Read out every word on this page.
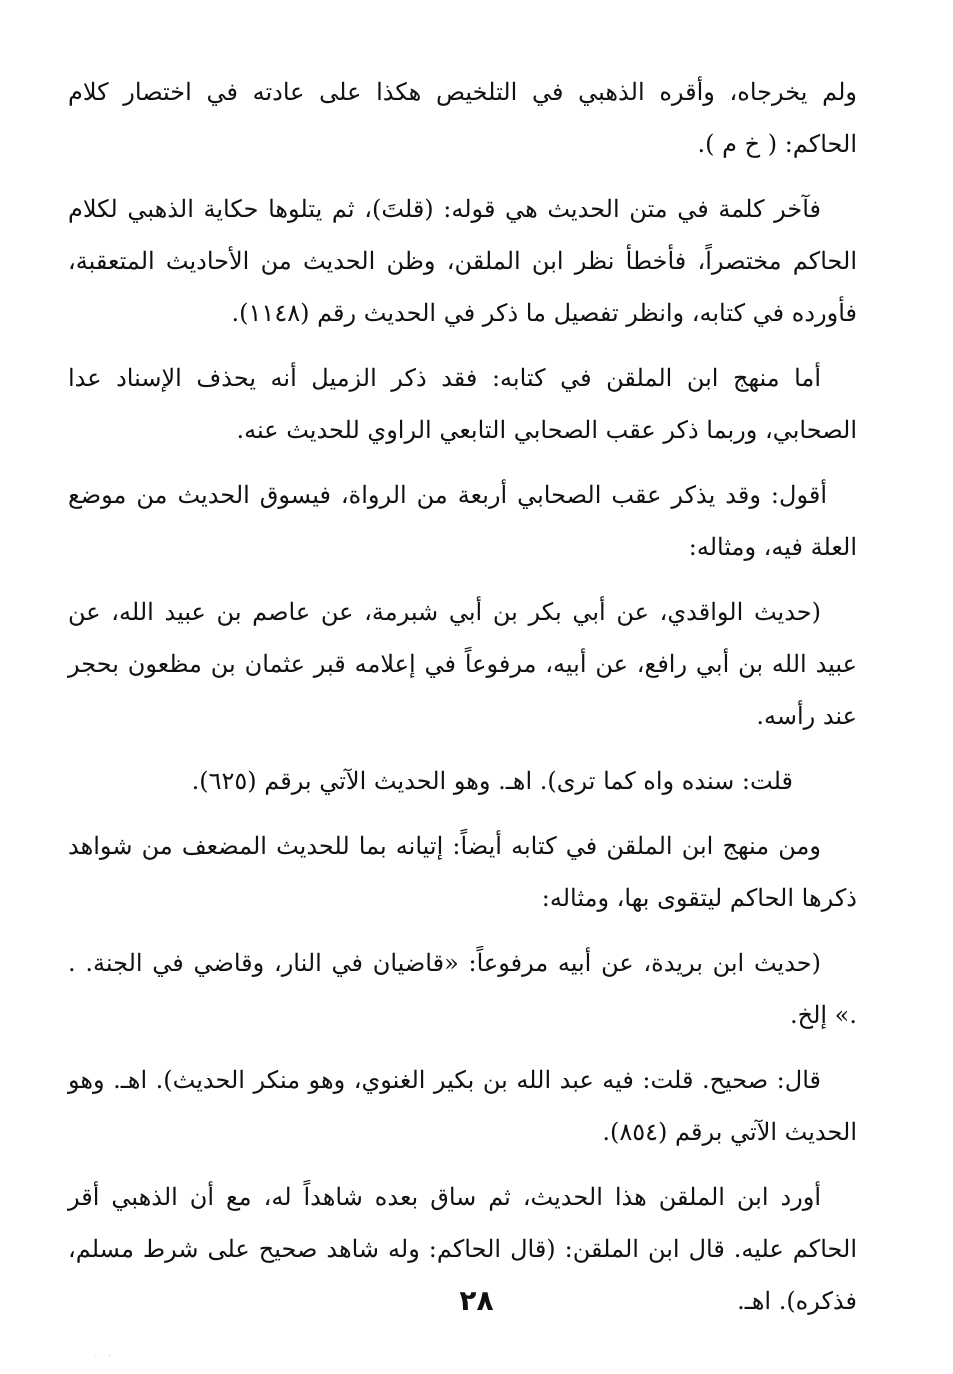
ولم يخرجاه، وأقره الذهبي في التلخيص هكذا على عادته في اختصار كلام الحاكم: ( خ م ).

فآخر كلمة في متن الحديث هي قوله: (قلتَ)، ثم يتلوها حكاية الذهبي لكلام الحاكم مختصراً، فأخطأ نظر ابن الملقن، وظن الحديث من الأحاديث المتعقبة، فأورده في كتابه، وانظر تفصيل ما ذكر في الحديث رقم (١١٤٨).

أما منهج ابن الملقن في كتابه: فقد ذكر الزميل أنه يحذف الإسناد عدا الصحابي، وربما ذكر عقب الصحابي التابعي الراوي للحديث عنه.

أقول: وقد يذكر عقب الصحابي أربعة من الرواة، فيسوق الحديث من موضع العلة فيه، ومثاله:

(حديث الواقدي، عن أبي بكر بن أبي شبرمة، عن عاصم بن عبيد الله، عن عبيد الله بن أبي رافع، عن أبيه، مرفوعاً في إعلامه قبر عثمان بن مظعون بحجر عند رأسه.

قلت: سنده واه كما ترى). اهـ. وهو الحديث الآتي برقم (٦٢٥).

ومن منهج ابن الملقن في كتابه أيضاً: إتيانه بما للحديث المضعف من شواهد ذكرها الحاكم ليتقوى بها، ومثاله:

(حديث ابن بريدة، عن أبيه مرفوعاً: «قاضيان في النار، وقاضي في الجنة. . .» إلخ.

قال: صحيح. قلت: فيه عبد الله بن بكير الغنوي، وهو منكر الحديث). اهـ. وهو الحديث الآتي برقم (٨٥٤).

أورد ابن الملقن هذا الحديث، ثم ساق بعده شاهداً له، مع أن الذهبي أقر الحاكم عليه. قال ابن الملقن: (قال الحاكم: وله شاهد صحيح على شرط مسلم، فذكره). اهـ.

٢٨
· ·
